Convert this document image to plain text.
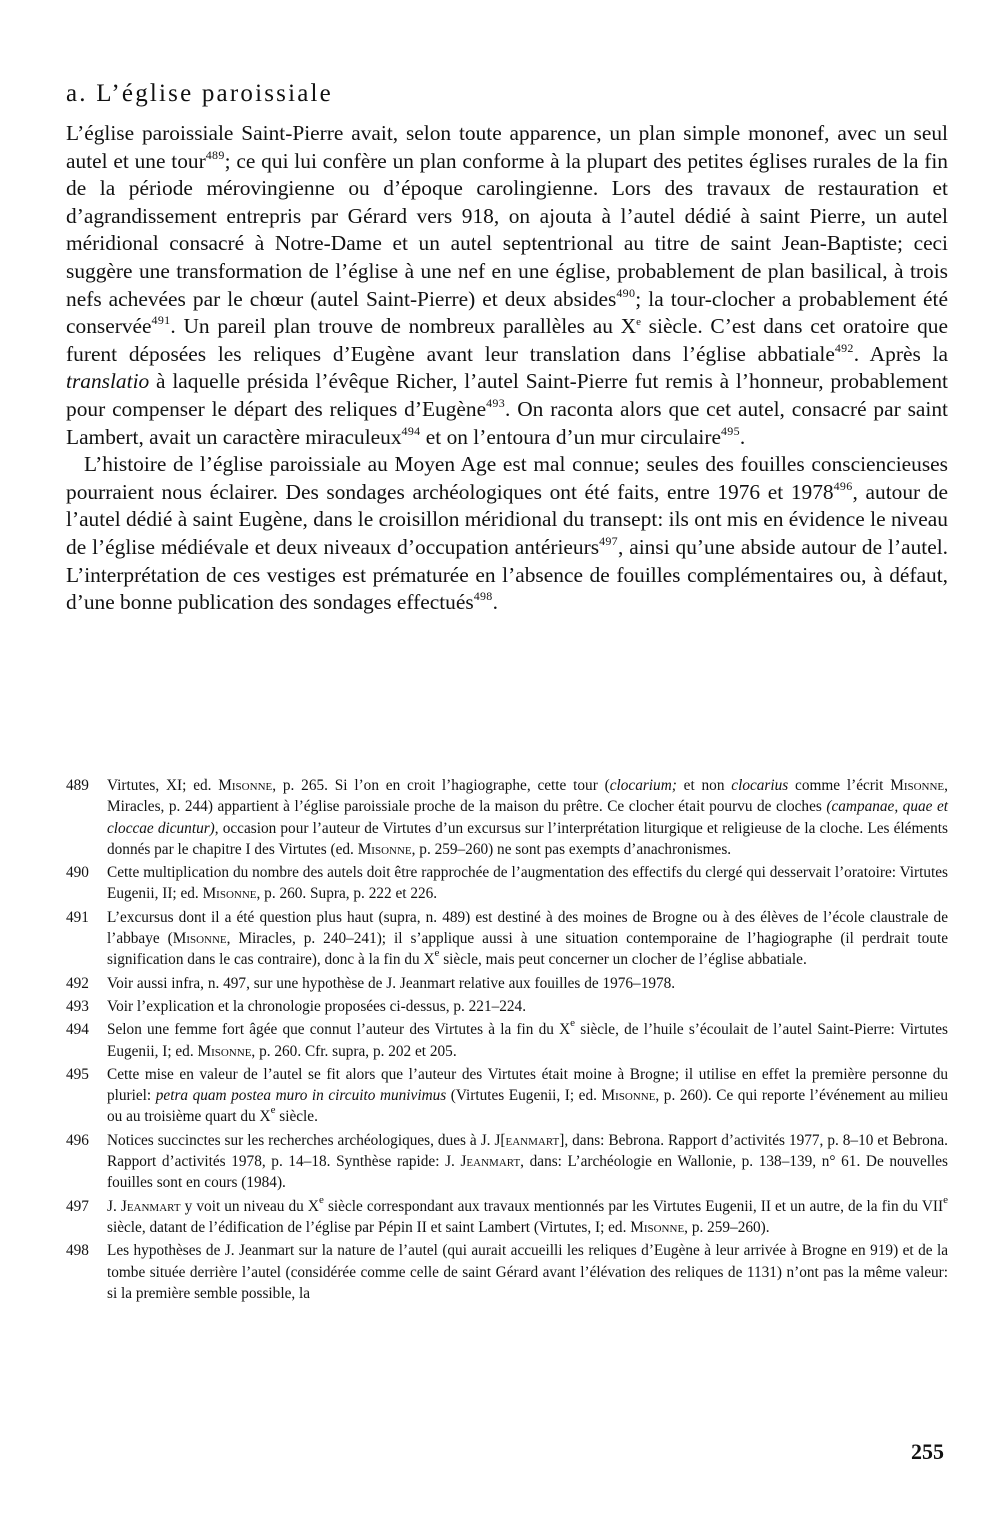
a. L’église paroissiale

L’église paroissiale Saint-Pierre avait, selon toute apparence, un plan simple mononef, avec un seul autel et une tour$^{489}$; ce qui lui confère un plan conforme à la plupart des petites églises rurales de la fin de la période mérovingienne ou d’époque carolingienne. Lors des travaux de restauration et d’agrandissement entrepris par Gérard vers 918, on ajouta à l’autel dédié à saint Pierre, un autel méridional consacré à Notre-Dame et un autel septentrional au titre de saint Jean-Baptiste; ceci suggère une transformation de l’église à une nef en une église, probablement de plan basilical, à trois nefs achevées par le chœur (autel Saint-Pierre) et deux absides$^{490}$; la tour-clocher a probablement été conservée$^{491}$. Un pareil plan trouve de nombreux parallèles au Xe siècle. C’est dans cet oratoire que furent déposées les reliques d’Eugène avant leur translation dans l’église abbatiale$^{492}$. Après la translatio à laquelle présida l’évêque Richer, l’autel Saint-Pierre fut remis à l’honneur, probablement pour compenser le départ des reliques d’Eugène$^{493}$. On raconta alors que cet autel, consacré par saint Lambert, avait un caractère miraculeux$^{494}$ et on l’entoura d’un mur circulaire$^{495}$.

L’histoire de l’église paroissiale au Moyen Age est mal connue; seules des fouilles consciencieuses pourraient nous éclairer. Des sondages archéologiques ont été faits, entre 1976 et 1978$^{496}$, autour de l’autel dédié à saint Eugène, dans le croisillon méridional du transept: ils ont mis en évidence le niveau de l’église médiévale et deux niveaux d’occupation antérieurs$^{497}$, ainsi qu’une abside autour de l’autel. L’interprétation de ces vestiges est prématurée en l’absence de fouilles complémentaires ou, à défaut, d’une bonne publication des sondages effectués$^{498}$.

489 Virtutes, XI; ed. Misonne, p. 265. Si l’on en croit l’hagiographe, cette tour (clocarium; et non clocarius comme l’écrit Misonne, Miracles, p. 244) appartient à l’église paroissiale proche de la maison du prêtre. Ce clocher était pourvu de cloches (campanae, quae et cloccae dicuntur), occasion pour l’auteur de Virtutes d’un excursus sur l’interprétation liturgique et religieuse de la cloche. Les éléments donnés par le chapitre I des Virtutes (ed. Misonne, p. 259–260) ne sont pas exempts d’anachronismes.
490 Cette multiplication du nombre des autels doit être rapprochée de l’augmentation des effectifs du clergé qui desservait l’oratoire: Virtutes Eugenii, II; ed. Misonne, p. 260. Supra, p. 222 et 226.
491 L’excursus dont il a été question plus haut (supra, n. 489) est destiné à des moines de Brogne ou à des élèves de l’école claustrale de l’abbaye (Misonne, Miracles, p. 240–241); il s’applique aussi à une situation contemporaine de l’hagiographe (il perdrait toute signification dans le cas contraire), donc à la fin du Xe siècle, mais peut concerner un clocher de l’église abbatiale.
492 Voir aussi infra, n. 497, sur une hypothèse de J. Jeanmart relative aux fouilles de 1976–1978.
493 Voir l’explication et la chronologie proposées ci-dessus, p. 221–224.
494 Selon une femme fort âgée que connut l’auteur des Virtutes à la fin du Xe siècle, de l’huile s’écoulait de l’autel Saint-Pierre: Virtutes Eugenii, I; ed. Misonne, p. 260. Cfr. supra, p. 202 et 205.
495 Cette mise en valeur de l’autel se fit alors que l’auteur des Virtutes était moine à Brogne; il utilise en effet la première personne du pluriel: petra quam postea muro in circuito munivimus (Virtutes Eugenii, I; ed. Misonne, p. 260). Ce qui reporte l’événement au milieu ou au troisième quart du Xe siècle.
496 Notices succinctes sur les recherches archéologiques, dues à J. J[eanmart], dans: Bebrona. Rapport d’activités 1977, p. 8–10 et Bebrona. Rapport d’activités 1978, p. 14–18. Synthèse rapide: J. Jeanmart, dans: L’archéologie en Wallonie, p. 138–139, n° 61. De nouvelles fouilles sont en cours (1984).
497 J. Jeanmart y voit un niveau du Xe siècle correspondant aux travaux mentionnés par les Virtutes Eugenii, II et un autre, de la fin du VIIe siècle, datant de l’édification de l’église par Pépin II et saint Lambert (Virtutes, I; ed. Misonne, p. 259–260).
498 Les hypothèses de J. Jeanmart sur la nature de l’autel (qui aurait accueilli les reliques d’Eugène à leur arrivée à Brogne en 919) et de la tombe située derrière l’autel (considérée comme celle de saint Gérard avant l’élévation des reliques de 1131) n’ont pas la même valeur: si la première semble possible, la
255
